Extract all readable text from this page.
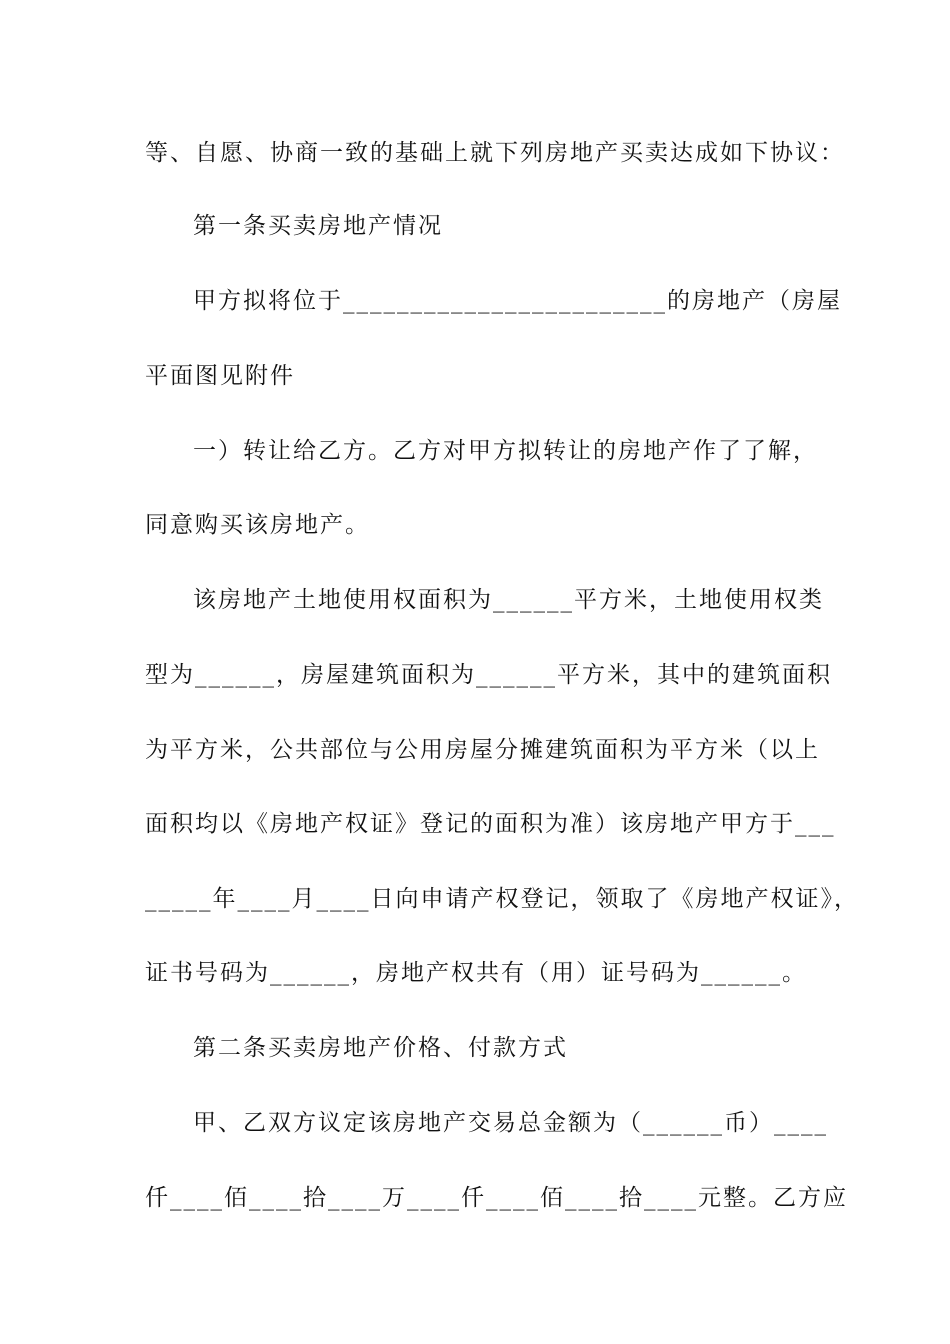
等、自愿、协商一致的基础上就下列房地产买卖达成如下协议：
第一条买卖房地产情况
甲方拟将位于________________________的房地产（房屋
平面图见附件
一）转让给乙方。乙方对甲方拟转让的房地产作了了解，
同意购买该房地产。
该房地产土地使用权面积为______平方米，土地使用权类
型为______，房屋建筑面积为______平方米，其中的建筑面积
为平方米，公共部位与公用房屋分摊建筑面积为平方米（以上
面积均以《房地产权证》登记的面积为准）该房地产甲方于___
_____年____月____日向申请产权登记，领取了《房地产权证》，
证书号码为______，房地产权共有（用）证号码为______。
第二条买卖房地产价格、付款方式
甲、乙双方议定该房地产交易总金额为（______币）____
仟____佰____拾____万____仟____佰____拾____元整。乙方应
